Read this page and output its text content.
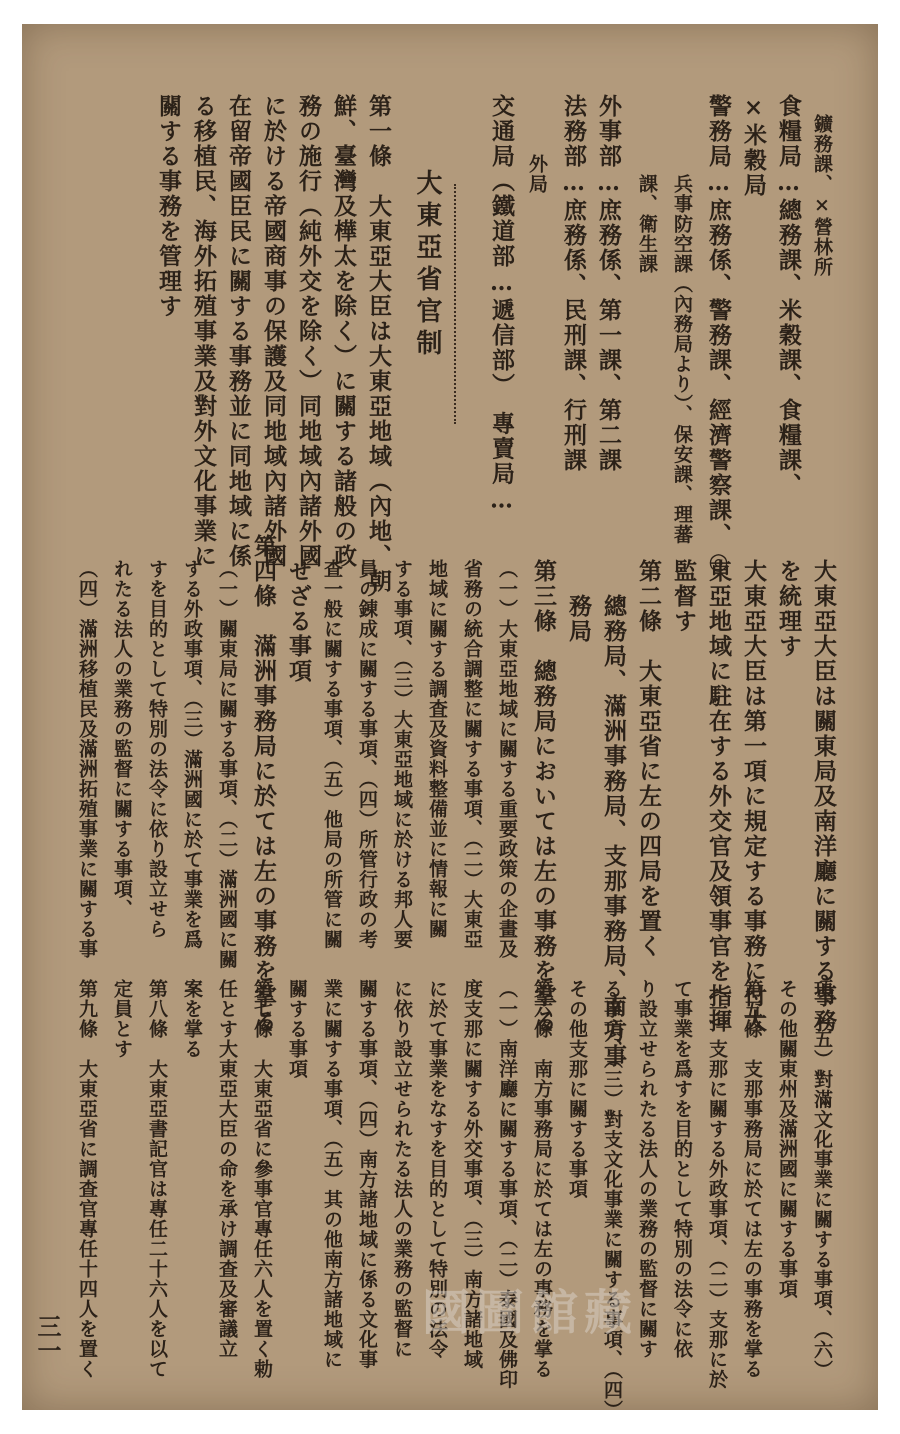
鑛務課、×營林所
食糧局…總務課、米穀課、食糧課、
×米穀局
警務局…庶務係、警務課、經濟警察課、◎
兵事防空課（內務局より）、保安課、理蕃
課、衛生課
外事部…庶務係、第一課、第二課
法務部…庶務係、民刑課、行刑課
外局
交通局（鐵道部…遞信部）　專賣局…
大東亞省官制
第一條　大東亞大臣は大東亞地域（內地、朝
鮮、臺灣及樺太を除く）に關する諸般の政
務の施行（純外交を除く）同地域內諸外國
に於ける帝國商事の保護及同地域內諸外國
在留帝國臣民に關する事務並に同地域に係
る移植民、海外拓殖事業及對外文化事業に
關する事務を管理す
大東亞大臣は關東局及南洋廳に關する事務
を統理す
大東亞大臣は第一項に規定する事務に付大
東亞地域に駐在する外交官及領事官を指揮
監督す
第二條　大東亞省に左の四局を置く
總務局、滿洲事務局、支那事務局、南方事
務局
第三條　總務局においては左の事務を掌る
（一）大東亞地域に關する重要政策の企畫及
省務の統合調整に關する事項、（二）大東亞
地域に關する調査及資料整備並に情報に關
する事項、（三）大東亞地域に於ける邦人要
員の錬成に關する事項、（四）所管行政の考
查一般に關する事項、（五）他局の所管に關
せざる事項
第四條　滿洲事務局に於ては左の事務を掌る
（一）關東局に關する事項、（二）滿洲國に關
する外政事項、（三）滿洲國に於て事業を爲
すを目的として特別の法令に依り設立せら
れたる法人の業務の監督に關する事項、
（四）滿洲移植民及滿洲拓殖事業に關する事
項、（五）對滿文化事業に關する事項、（六）
その他關東州及滿洲國に關する事項
第五條　支那事務局に於ては左の事務を掌る
（一）支那に關する外政事項、（二）支那に於
て事業を爲すを目的として特別の法令に依
り設立せられたる法人の業務の監督に關す
る事項、（三）對支文化事業に關する事項、（四）
その他支那に關する事項
第六條　南方事務局に於ては左の事務を掌る
（一）南洋廳に關する事項、（二）泰國及佛印
度支那に關する外交事項、（三）南方諸地域
に於て事業をなすを目的として特別の法令
に依り設立せられたる法人の業務の監督に
關する事項、（四）南方諸地域に係る文化事
業に關する事項、（五）其の他南方諸地域に
關する事項
第七條　大東亞省に參事官專任六人を置く勅
任とす大東亞大臣の命を承け調查及審議立
案を掌る
第八條　大東亞書記官は專任二十六人を以て
定員とす
第九條　大東亞省に調查官專任十四人を置く
三一	國圖館藏
